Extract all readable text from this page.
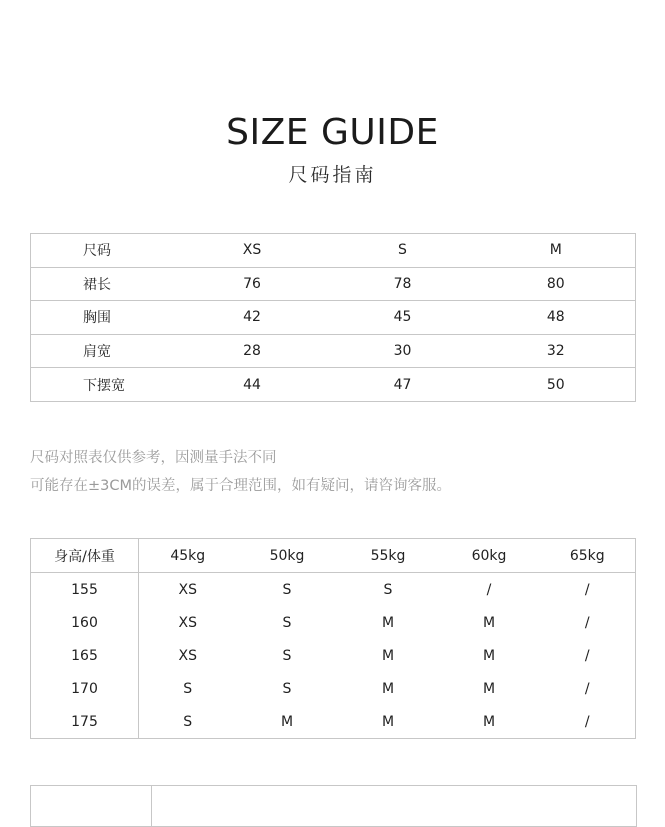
SIZE GUIDE
尺码指南
尺码	XS	S	M
裙长	76	78	80
胸围	42	45	48
肩宽	28	30	32
下摆宽	44	47	50
尺码对照表仅供参考，因测量手法不同
可能存在±3CM的误差，属于合理范围，如有疑问，请咨询客服。
身高/体重	45kg	50kg	55kg	60kg	65kg
155	XS	S	S	/	/
160	XS	S	M	M	/
165	XS	S	M	M	/
170	S	S	M	M	/
175	S	M	M	M	/
